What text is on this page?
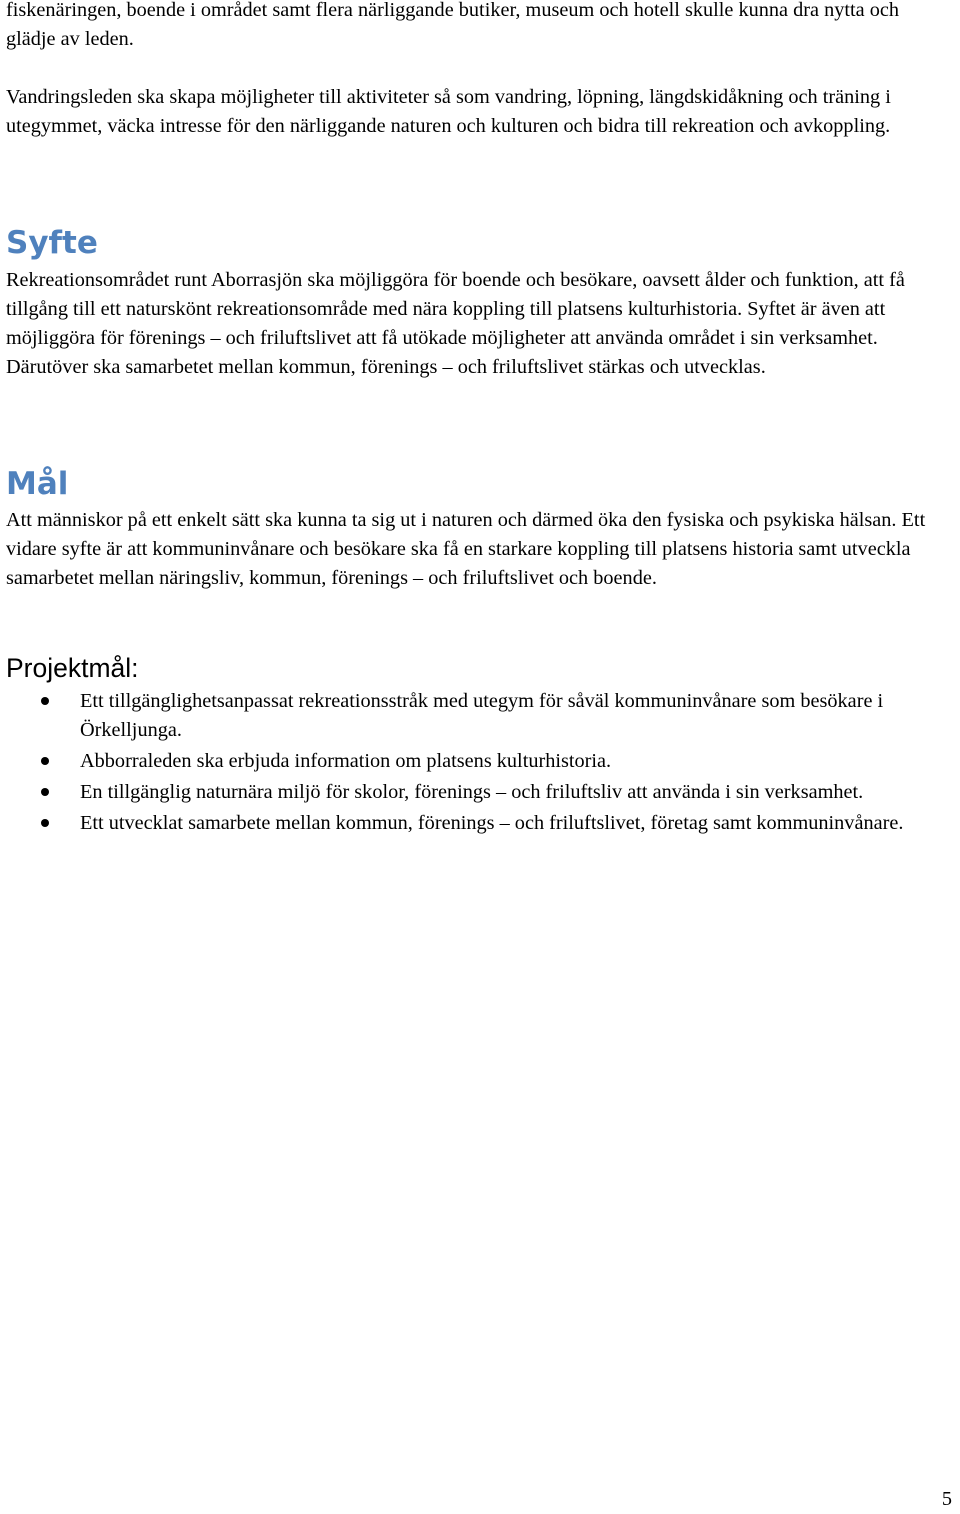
fiskenäringen, boende i området samt flera närliggande butiker, museum och hotell skulle kunna dra nytta och glädje av leden.

Vandringsleden ska skapa möjligheter till aktiviteter så som vandring, löpning, längdskidåkning och träning i utegymmet, väcka intresse för den närliggande naturen och kulturen och bidra till rekreation och avkoppling.

Syfte

Rekreationsområdet runt Aborrasjön ska möjliggöra för boende och besökare, oavsett ålder och funktion, att få tillgång till ett naturskönt rekreationsområde med nära koppling till platsens kulturhistoria. Syftet är även att möjliggöra för förenings – och friluftslivet att få utökade möjligheter att använda området i sin verksamhet. Därutöver ska samarbetet mellan kommun, förenings – och friluftslivet stärkas och utvecklas.

Mål

Att människor på ett enkelt sätt ska kunna ta sig ut i naturen och därmed öka den fysiska och psykiska hälsan. Ett vidare syfte är att kommuninvånare och besökare ska få en starkare koppling till platsens historia samt utveckla samarbetet mellan näringsliv, kommun, förenings – och friluftslivet och boende.

Projektmål:
Ett tillgänglighetsanpassat rekreationsstråk med utegym för såväl kommuninvånare som besökare i Örkelljunga.
Abborraleden ska erbjuda information om platsens kulturhistoria.
En tillgänglig naturnära miljö för skolor, förenings – och friluftsliv att använda i sin verksamhet.
Ett utvecklat samarbete mellan kommun, förenings – och friluftslivet, företag samt kommuninvånare.
5
